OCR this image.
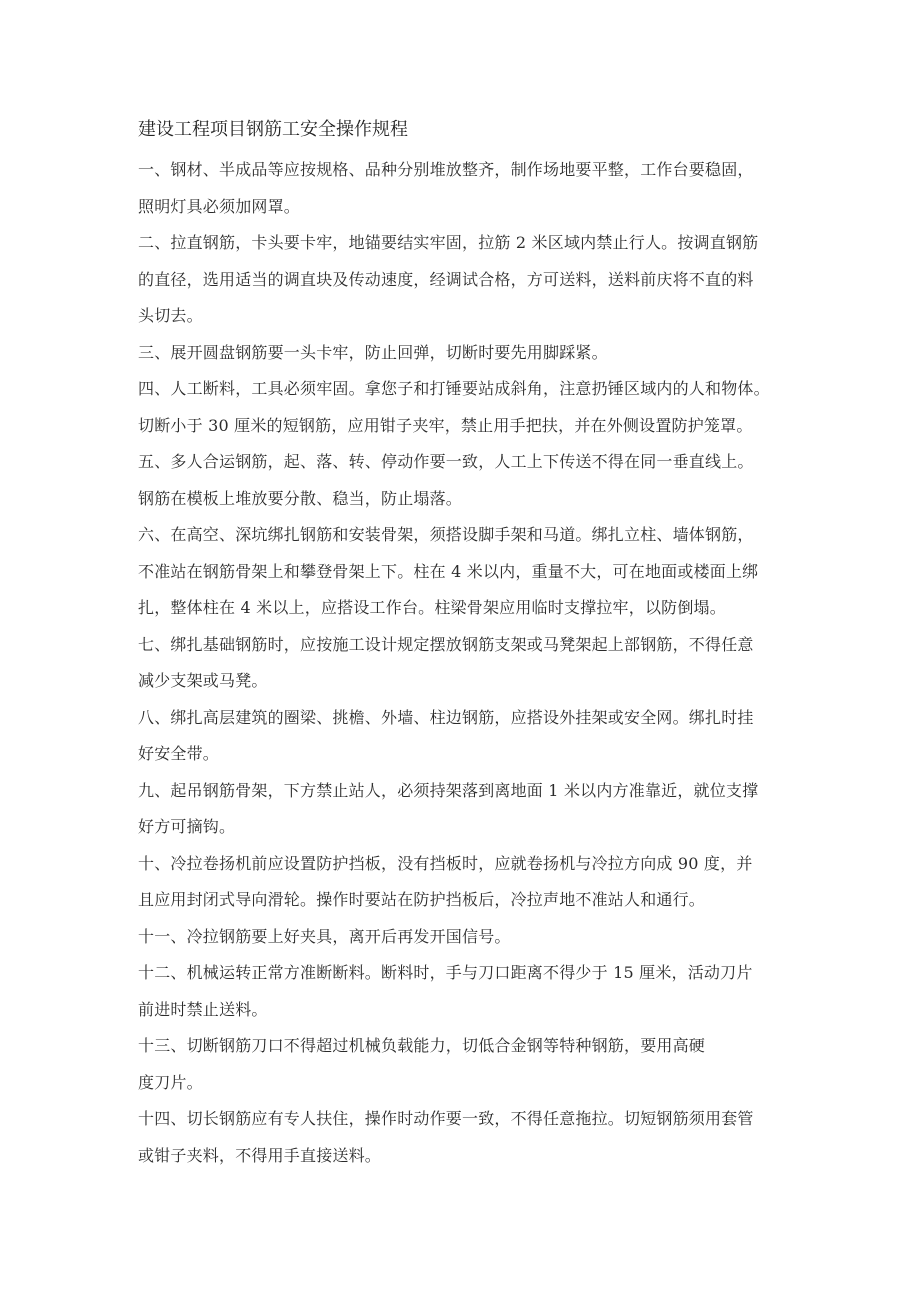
建设工程项目钢筋工安全操作规程

一、钢材、半成品等应按规格、品种分别堆放整齐，制作场地要平整，工作台要稳固，
照明灯具必须加网罩。

二、拉直钢筋，卡头要卡牢，地锚要结实牢固，拉筋 2 米区域内禁止行人。按调直钢筋
的直径，选用适当的调直块及传动速度，经调试合格，方可送料，送料前庆将不直的料
头切去。

三、展开圆盘钢筋要一头卡牢，防止回弹，切断时要先用脚踩紧。

四、人工断料，工具必须牢固。拿您子和打锤要站成斜角，注意扔锤区域内的人和物体。
切断小于 30 厘米的短钢筋，应用钳子夹牢，禁止用手把扶，并在外侧设置防护笼罩。

五、多人合运钢筋，起、落、转、停动作要一致，人工上下传送不得在同一垂直线上。
钢筋在模板上堆放要分散、稳当，防止塌落。

六、在高空、深坑绑扎钢筋和安装骨架，须搭设脚手架和马道。绑扎立柱、墙体钢筋，
不准站在钢筋骨架上和攀登骨架上下。柱在 4 米以内，重量不大，可在地面或楼面上绑
扎，整体柱在 4 米以上，应搭设工作台。柱梁骨架应用临时支撑拉牢，以防倒塌。

七、绑扎基础钢筋时，应按施工设计规定摆放钢筋支架或马凳架起上部钢筋，不得任意
减少支架或马凳。

八、绑扎高层建筑的圈梁、挑檐、外墙、柱边钢筋，应搭设外挂架或安全网。绑扎时挂
好安全带。

九、起吊钢筋骨架，下方禁止站人，必须持架落到离地面 1 米以内方准靠近，就位支撑
好方可摘钩。

十、冷拉卷扬机前应设置防护挡板，没有挡板时，应就卷扬机与冷拉方向成 90 度，并
且应用封闭式导向滑轮。操作时要站在防护挡板后，冷拉声地不准站人和通行。

十一、冷拉钢筋要上好夹具，离开后再发开国信号。

十二、机械运转正常方准断断料。断料时，手与刀口距离不得少于 15 厘米，活动刀片
前进时禁止送料。

十三、切断钢筋刀口不得超过机械负载能力，切低合金钢等特种钢筋，要用高硬
度刀片。

十四、切长钢筋应有专人扶住，操作时动作要一致，不得任意拖拉。切短钢筋须用套管
或钳子夹料，不得用手直接送料。
